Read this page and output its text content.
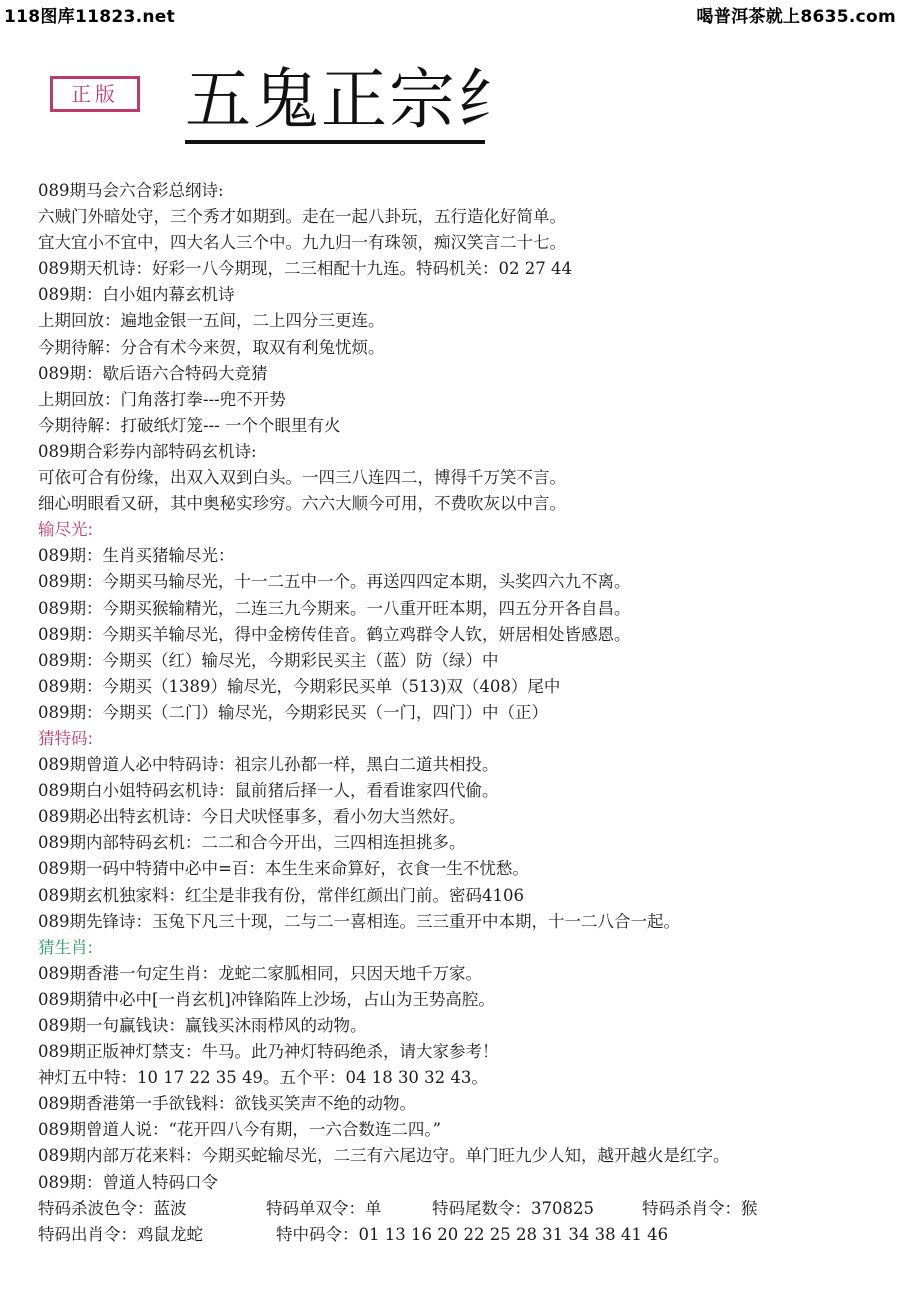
118图库11823.net	喝普洱茶就上8635.com
正版	五鬼正宗纟
089期马会六合彩总纲诗:
六贼门外暗处守，三个秀才如期到。走在一起八卦玩，五行造化好简单。
宜大宜小不宜中，四大名人三个中。九九归一有珠领，痴汉笑言二十七。
089期天机诗：好彩一八今期现，二三相配十九连。特码机关：02 27 44
089期：白小姐内幕玄机诗
上期回放：遍地金银一五间，二上四分三更连。
今期待解：分合有术今来贺，取双有利兔忧烦。
089期：歇后语六合特码大竞猜
上期回放：门角落打拳---兜不开势
今期待解：打破纸灯笼--- 一个个眼里有火
089期合彩券内部特码玄机诗:
可依可合有份缘，出双入双到白头。一四三八连四二，博得千万笑不言。
细心明眼看又研，其中奥秘实珍穷。六六大顺今可用，不费吹灰以中言。
输尽光:
089期：生肖买猪输尽光：
089期：今期买马输尽光，十一二五中一个。再送四四定本期，头奖四六九不离。
089期：今期买猴输精光，二连三九今期来。一八重开旺本期，四五分开各自昌。
089期：今期买羊输尽光，得中金榜传佳音。鹤立鸡群令人钦，妍居相处皆感恩。
089期：今期买（红）输尽光，今期彩民买主（蓝）防（绿）中
089期：今期买（1389）输尽光，今期彩民买单（513)双（408）尾中
089期：今期买（二门）输尽光，今期彩民买（一门，四门）中（正）
猜特码:
089期曾道人必中特码诗：祖宗儿孙都一样，黑白二道共相投。
089期白小姐特码玄机诗：鼠前猪后择一人，看看谁家四代偷。
089期必出特玄机诗：今日犬吠怪事多，看小勿大当然好。
089期内部特码玄机：二二和合今开出，三四相连担挑多。
089期一码中特猜中必中=百：本生生来命算好，衣食一生不忧愁。
089期玄机独家料：红尘是非我有份，常伴红颜出门前。密码4106
089期先锋诗：玉兔下凡三十现，二与二一喜相连。三三重开中本期，十一二八合一起。
猜生肖:
089期香港一句定生肖：龙蛇二家胍相同，只因天地千万家。
089期猜中必中[一肖玄机]冲锋陷阵上沙场，占山为王势高腔。
089期一句赢钱诀：赢钱买沐雨栉风的动物。
089期正版神灯禁支：牛马。此乃神灯特码绝杀，请大家参考！
神灯五中特：10 17 22 35 49。五个平：04 18 30 32 43。
089期香港第一手欲钱料：欲钱买笑声不绝的动物。
089期曾道人说：“花开四八今有期，一六合数连二四。”
089期内部万花来料：今期买蛇输尽光，二三有六尾边守。单门旺九少人知，越开越火是红字。
089期：曾道人特码口令
特码杀波色令：蓝波	特码单双令：单	特码尾数令：370825	特码杀肖令：猴
特码出肖令：鸡鼠龙蛇	特中码令：01 13 16 20 22 25 28 31 34 38 41 46
